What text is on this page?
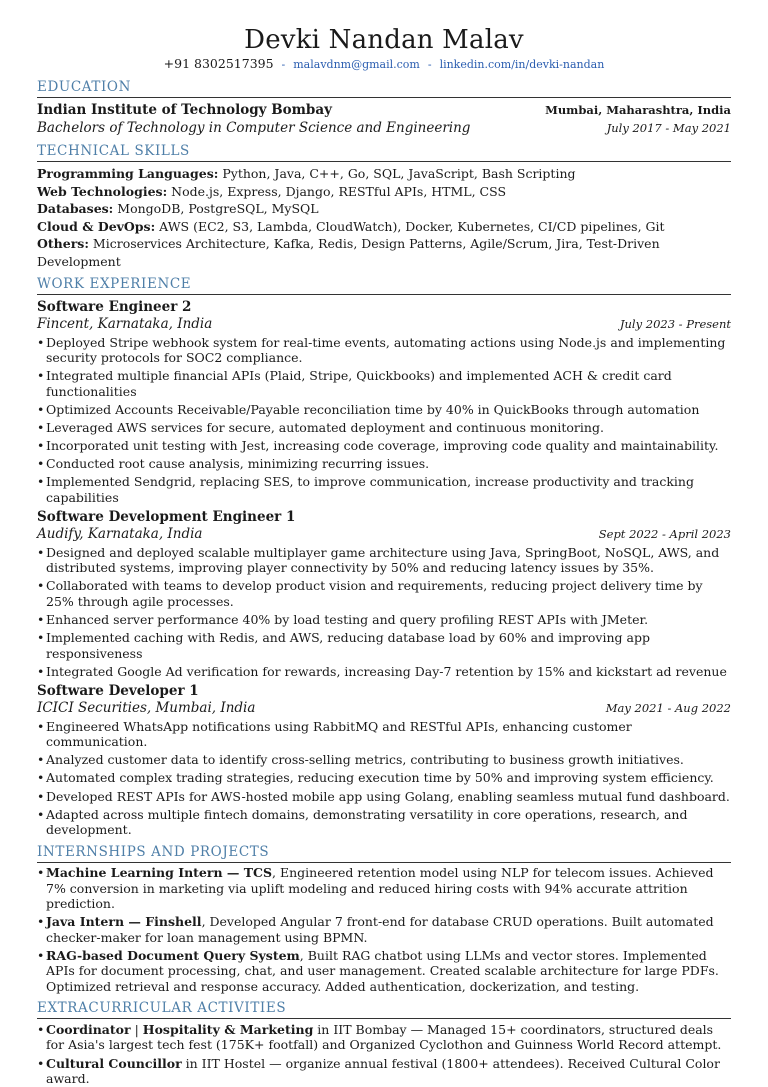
Devki Nandan Malav
+91 8302517395 - malavdnm@gmail.com - linkedin.com/in/devki-nandan
EDUCATION
Indian Institute of Technology Bombay	Mumbai, Maharashtra, India
Bachelors of Technology in Computer Science and Engineering	July 2017 - May 2021
TECHNICAL SKILLS
Programming Languages: Python, Java, C++, Go, SQL, JavaScript, Bash Scripting
Web Technologies: Node.js, Express, Django, RESTful APIs, HTML, CSS
Databases: MongoDB, PostgreSQL, MySQL
Cloud & DevOps: AWS (EC2, S3, Lambda, CloudWatch), Docker, Kubernetes, CI/CD pipelines, Git
Others: Microservices Architecture, Kafka, Redis, Design Patterns, Agile/Scrum, Jira, Test-Driven Development
WORK EXPERIENCE
Software Engineer 2
Fincent, Karnataka, India	July 2023 - Present
• Deployed Stripe webhook system for real-time events, automating actions using Node.js and implementing security protocols for SOC2 compliance.
• Integrated multiple financial APIs (Plaid, Stripe, Quickbooks) and implemented ACH & credit card functionalities
• Optimized Accounts Receivable/Payable reconciliation time by 40% in QuickBooks through automation
• Leveraged AWS services for secure, automated deployment and continuous monitoring.
• Incorporated unit testing with Jest, increasing code coverage, improving code quality and maintainability.
• Conducted root cause analysis, minimizing recurring issues.
• Implemented Sendgrid, replacing SES, to improve communication, increase productivity and tracking capabilities
Software Development Engineer 1
Audify, Karnataka, India	Sept 2022 - April 2023
• Designed and deployed scalable multiplayer game architecture using Java, SpringBoot, NoSQL, AWS, and distributed systems, improving player connectivity by 50% and reducing latency issues by 35%.
• Collaborated with teams to develop product vision and requirements, reducing project delivery time by 25% through agile processes.
• Enhanced server performance 40% by load testing and query profiling REST APIs with JMeter.
• Implemented caching with Redis, and AWS, reducing database load by 60% and improving app responsiveness
• Integrated Google Ad verification for rewards, increasing Day-7 retention by 15% and kickstart ad revenue
Software Developer 1
ICICI Securities, Mumbai, India	May 2021 - Aug 2022
• Engineered WhatsApp notifications using RabbitMQ and RESTful APIs, enhancing customer communication.
• Analyzed customer data to identify cross-selling metrics, contributing to business growth initiatives.
• Automated complex trading strategies, reducing execution time by 50% and improving system efficiency.
• Developed REST APIs for AWS-hosted mobile app using Golang, enabling seamless mutual fund dashboard.
• Adapted across multiple fintech domains, demonstrating versatility in core operations, research, and development.
INTERNSHIPS AND PROJECTS
• Machine Learning Intern — TCS, Engineered retention model using NLP for telecom issues. Achieved 7% conversion in marketing via uplift modeling and reduced hiring costs with 94% accurate attrition prediction.
• Java Intern — Finshell, Developed Angular 7 front-end for database CRUD operations. Built automated checker-maker for loan management using BPMN.
• RAG-based Document Query System, Built RAG chatbot using LLMs and vector stores. Implemented APIs for document processing, chat, and user management. Created scalable architecture for large PDFs. Optimized retrieval and response accuracy. Added authentication, dockerization, and testing.
EXTRACURRICULAR ACTIVITIES
• Coordinator | Hospitality & Marketing in IIT Bombay — Managed 15+ coordinators, structured deals for Asia's largest tech fest (175K+ footfall) and Organized Cyclothon and Guinness World Record attempt.
• Cultural Councillor in IIT Hostel — organize annual festival (1800+ attendees). Received Cultural Color award.
